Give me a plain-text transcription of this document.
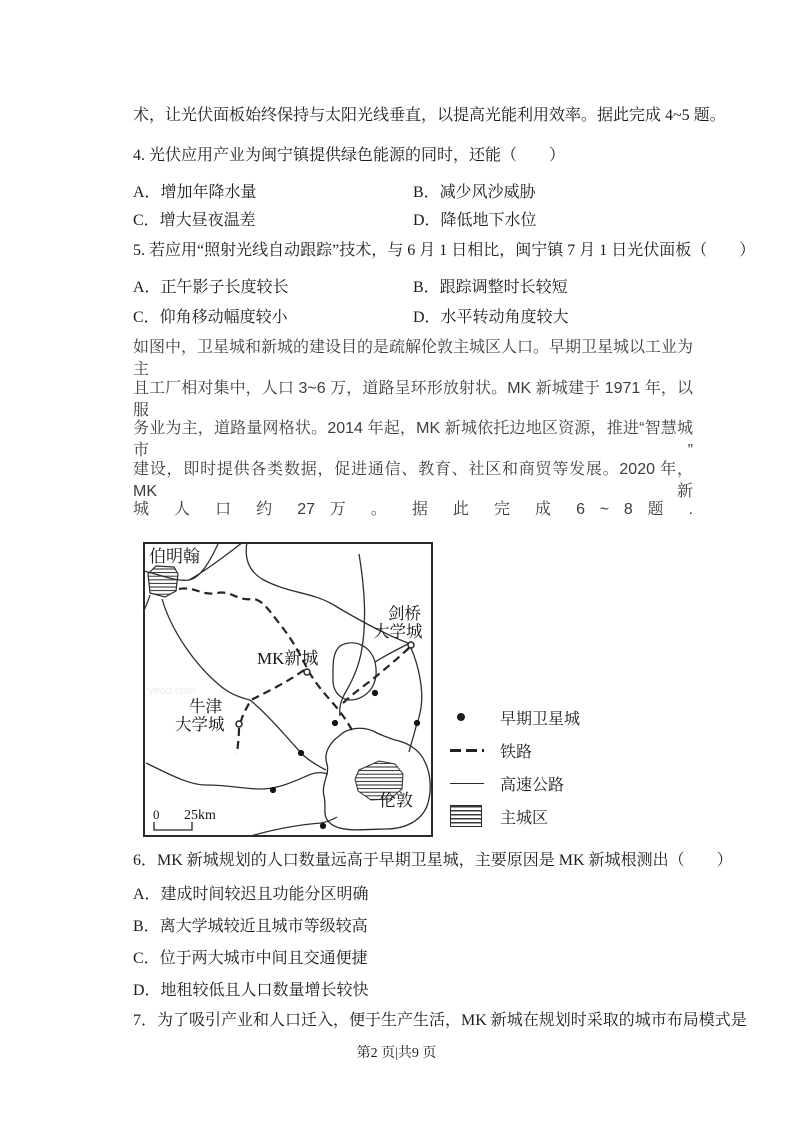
术，让光伏面板始终保持与太阳光线垂直，以提高光能利用效率。据此完成 4~5 题。
4. 光伏应用产业为闽宁镇提供绿色能源的同时，还能（　　）
A．增加年降水量	B．减少风沙威胁
C．增大昼夜温差	D．降低地下水位
5. 若应用“照射光线自动跟踪”技术，与 6 月 1 日相比，闽宁镇 7 月 1 日光伏面板（　　）
A．正午影子长度较长	B．跟踪调整时长较短
C．仰角移动幅度较小	D．水平转动角度较大
如图中，卫星城和新城的建设目的是疏解伦敦主城区人口。早期卫星城以工业为主
且工厂相对集中，人口 3~6 万，道路呈环形放射状。MK 新城建于 1971 年，以服
务业为主，道路量网格状。2014 年起，MK 新城依托边地区资源，推进“智慧城市”
建设，即时提供各类数据，促进通信、教育、社区和商贸等发展。2020 年，MK 新
城 人 口 约 27 万 。 据 此 完 成 6 ~ 8 题 .
yeoo.com
伯明翰
剑桥
大学城
MK新城
牛津
大学城
伦敦
0 25km
早期卫星城
铁路
高速公路
主城区
6．MK 新城规划的人口数量远高于早期卫星城，主要原因是 MK 新城根测出（　　）
A．建成时间较迟且功能分区明确
B．离大学城较近且城市等级较高
C．位于两大城市中间且交通便捷
D．地租较低且人口数量增长较快
7．为了吸引产业和人口迁入，便于生产生活，MK 新城在规划时采取的城市布局模式是
第2 页|共9 页
